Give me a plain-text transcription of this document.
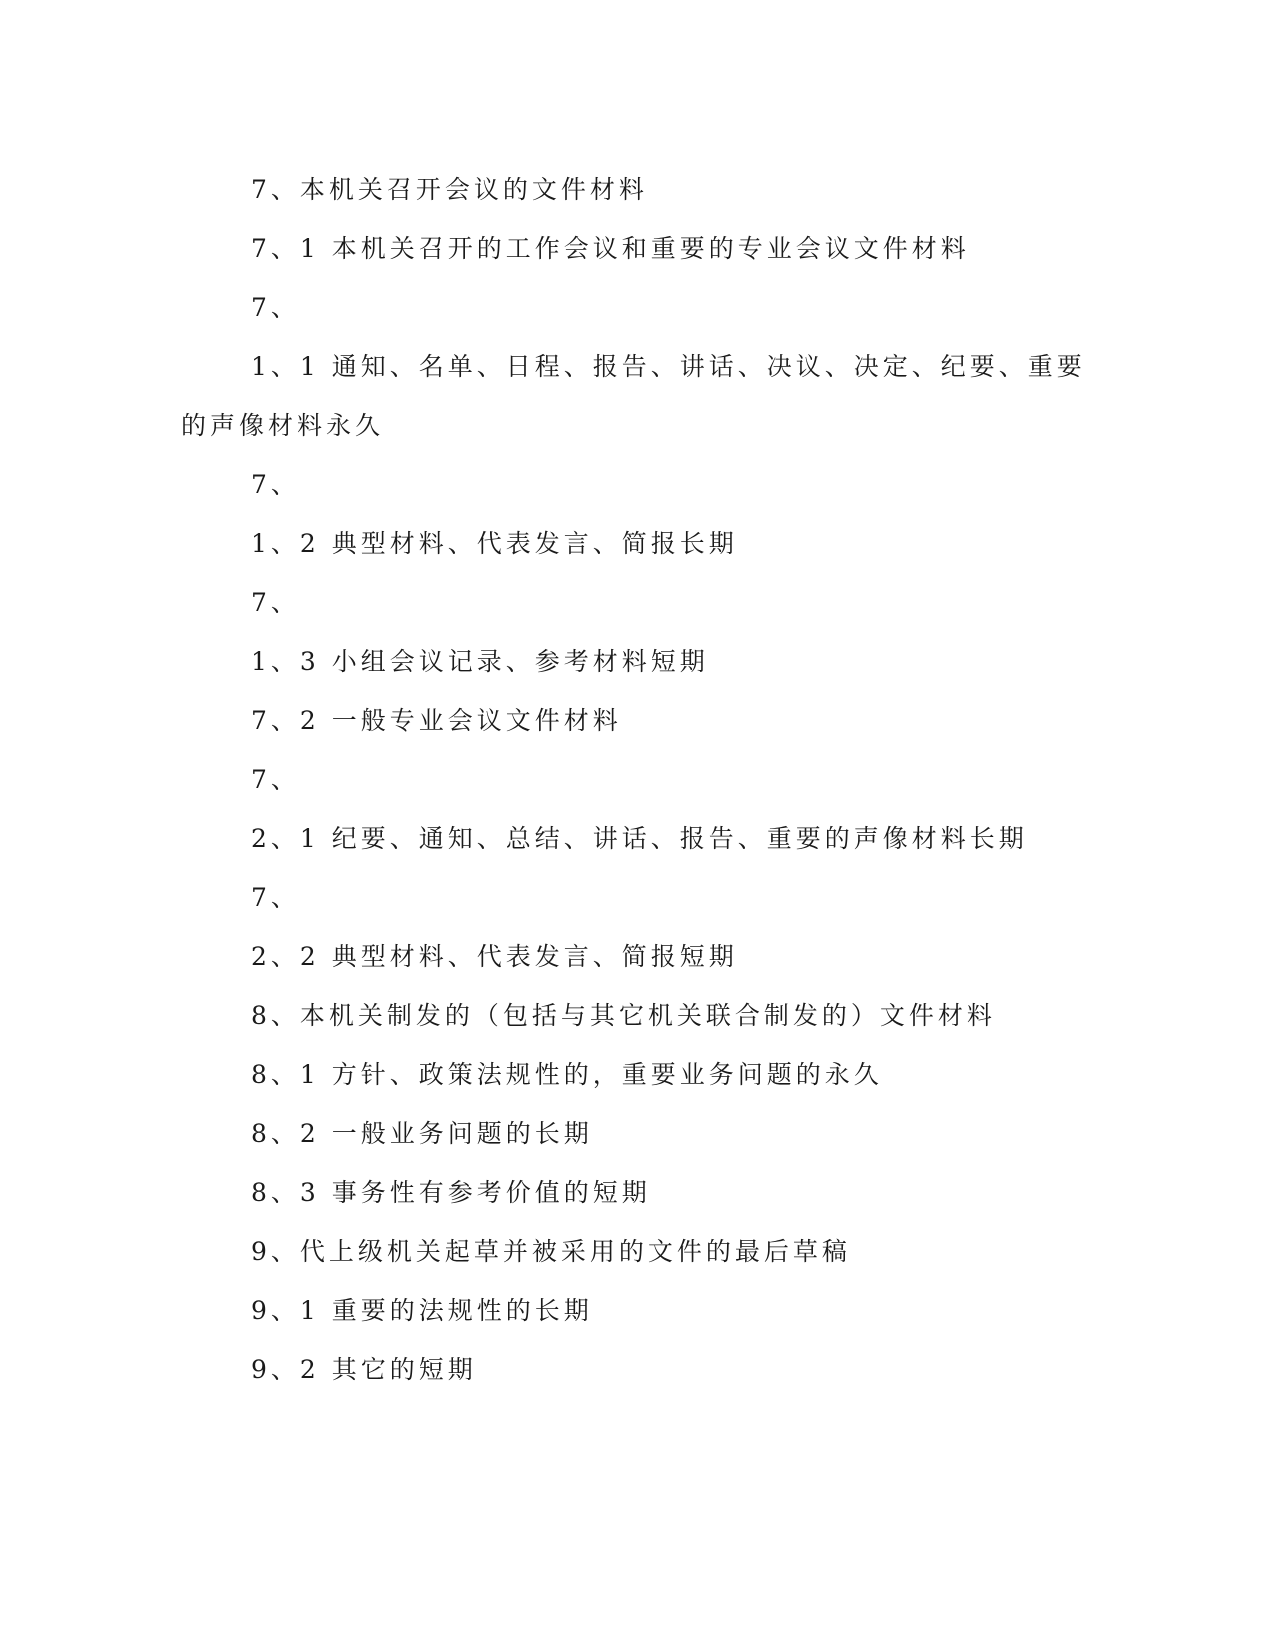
7、本机关召开会议的文件材料

7、1 本机关召开的工作会议和重要的专业会议文件材料

7、

1、1 通知、名单、日程、报告、讲话、决议、决定、纪要、重要

的声像材料永久

7、

1、2 典型材料、代表发言、简报长期

7、

1、3 小组会议记录、参考材料短期

7、2 一般专业会议文件材料

7、

2、1 纪要、通知、总结、讲话、报告、重要的声像材料长期

7、

2、2 典型材料、代表发言、简报短期

8、本机关制发的（包括与其它机关联合制发的）文件材料

8、1 方针、政策法规性的，重要业务问题的永久

8、2 一般业务问题的长期

8、3 事务性有参考价值的短期

9、代上级机关起草并被采用的文件的最后草稿

9、1 重要的法规性的长期

9、2 其它的短期
